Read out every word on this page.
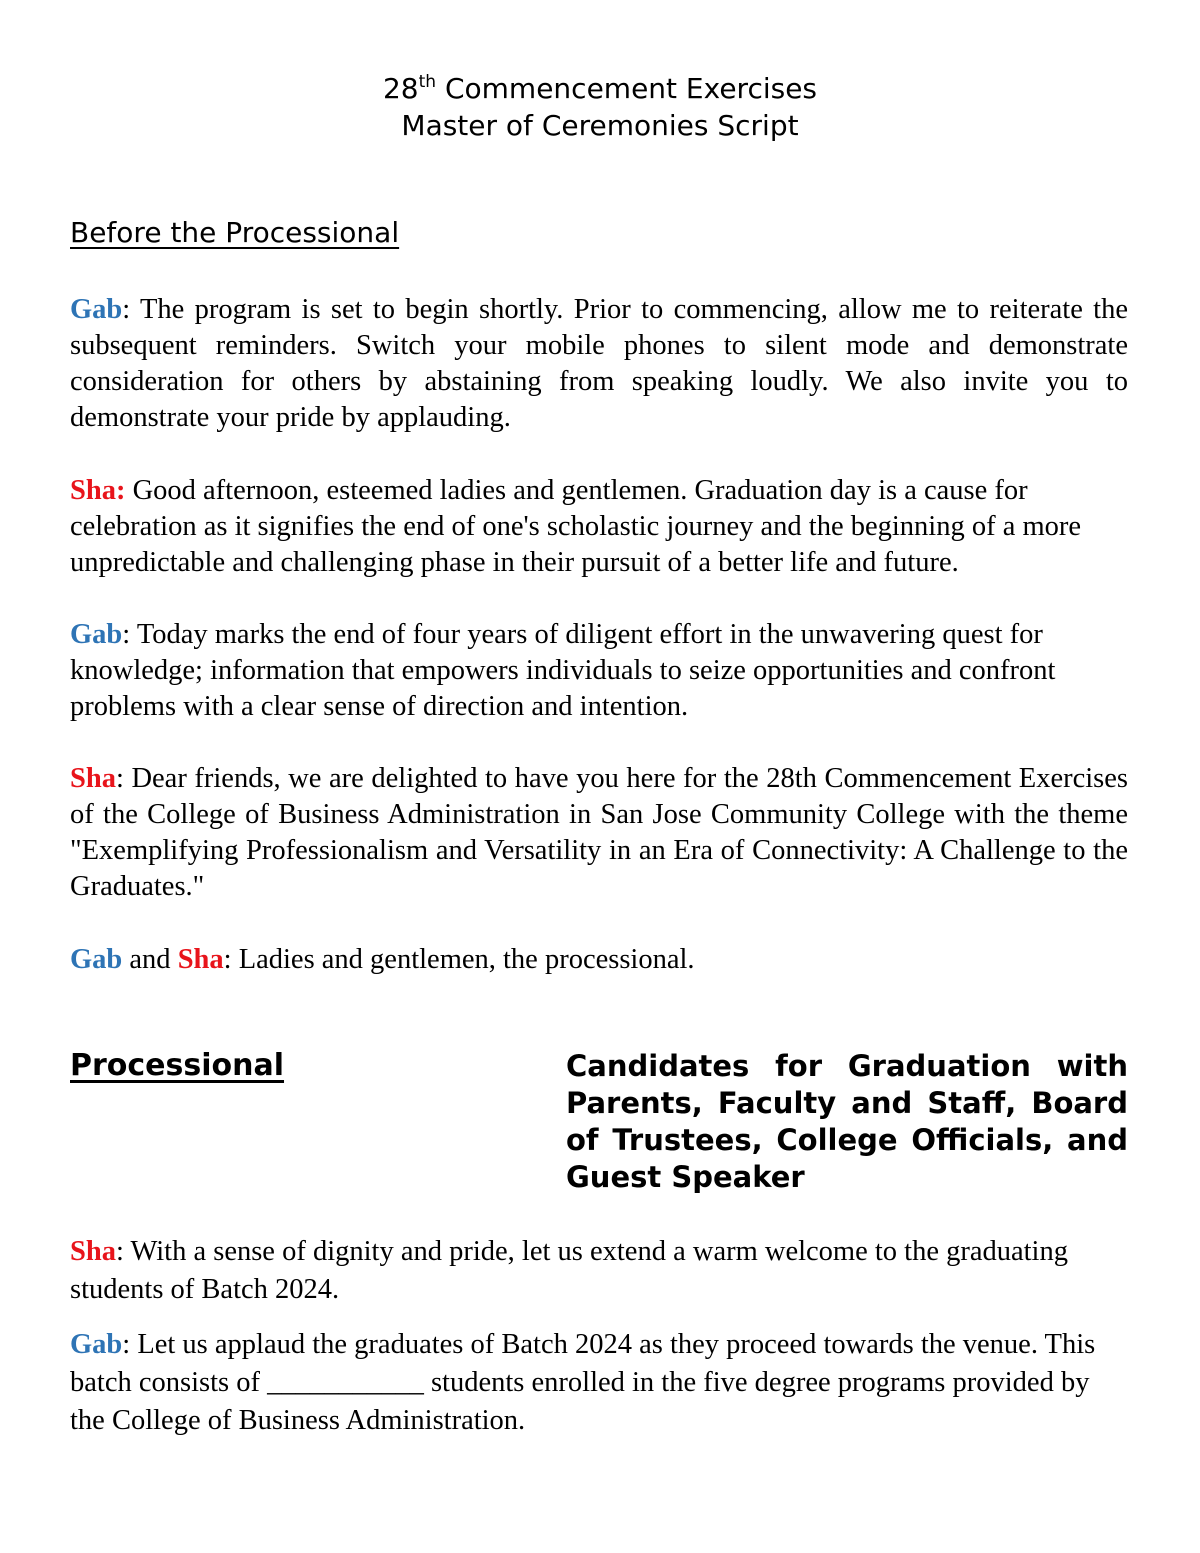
28th Commencement Exercises
Master of Ceremonies Script
Before the Processional
Gab: The program is set to begin shortly. Prior to commencing, allow me to reiterate the subsequent reminders. Switch your mobile phones to silent mode and demonstrate consideration for others by abstaining from speaking loudly. We also invite you to demonstrate your pride by applauding.
Sha: Good afternoon, esteemed ladies and gentlemen. Graduation day is a cause for celebration as it signifies the end of one's scholastic journey and the beginning of a more unpredictable and challenging phase in their pursuit of a better life and future.
Gab: Today marks the end of four years of diligent effort in the unwavering quest for knowledge; information that empowers individuals to seize opportunities and confront problems with a clear sense of direction and intention.
Sha: Dear friends, we are delighted to have you here for the 28th Commencement Exercises of the College of Business Administration in San Jose Community College with the theme "Exemplifying Professionalism and Versatility in an Era of Connectivity: A Challenge to the Graduates."
Gab and Sha: Ladies and gentlemen, the processional.
Processional	Candidates for Graduation with Parents, Faculty and Staff, Board of Trustees, College Officials, and Guest Speaker
Sha: With a sense of dignity and pride, let us extend a warm welcome to the graduating students of Batch 2024.
Gab: Let us applaud the graduates of Batch 2024 as they proceed towards the venue. This batch consists of ___________ students enrolled in the five degree programs provided by the College of Business Administration.
